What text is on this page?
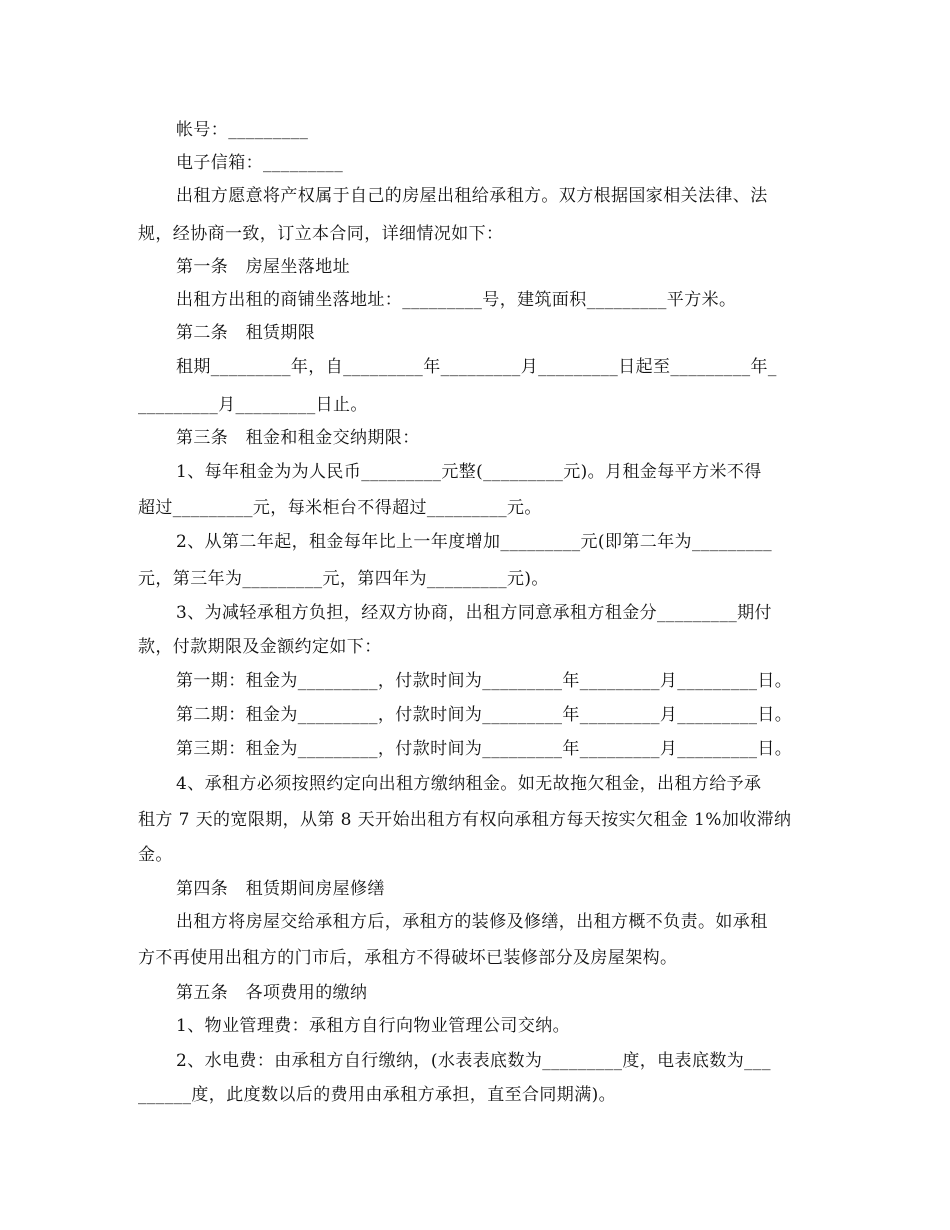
帐号：_________
电子信箱：_________
出租方愿意将产权属于自己的房屋出租给承租方。双方根据国家相关法律、法
规，经协商一致，订立本合同，详细情况如下：
第一条　房屋坐落地址
出租方出租的商铺坐落地址：_________号，建筑面积_________平方米。
第二条　租赁期限
租期_________年，自_________年_________月_________日起至_________年_
_________月_________日止。
第三条　租金和租金交纳期限：
1、每年租金为为人民币_________元整(_________元)。月租金每平方米不得
超过_________元，每米柜台不得超过_________元。
2、从第二年起，租金每年比上一年度增加_________元(即第二年为_________
元，第三年为_________元，第四年为_________元)。
3、为减轻承租方负担，经双方协商，出租方同意承租方租金分_________期付
款，付款期限及金额约定如下：
第一期：租金为_________，付款时间为_________年_________月_________日。
第二期：租金为_________，付款时间为_________年_________月_________日。
第三期：租金为_________，付款时间为_________年_________月_________日。
4、承租方必须按照约定向出租方缴纳租金。如无故拖欠租金，出租方给予承
租方 7 天的宽限期，从第 8 天开始出租方有权向承租方每天按实欠租金 1%加收滞纳
金。
第四条　租赁期间房屋修缮
出租方将房屋交给承租方后，承租方的装修及修缮，出租方概不负责。如承租
方不再使用出租方的门市后，承租方不得破坏已装修部分及房屋架构。
第五条　各项费用的缴纳
1、物业管理费：承租方自行向物业管理公司交纳。
2、水电费：由承租方自行缴纳，(水表表底数为_________度，电表底数为___
______度，此度数以后的费用由承租方承担，直至合同期满)。
